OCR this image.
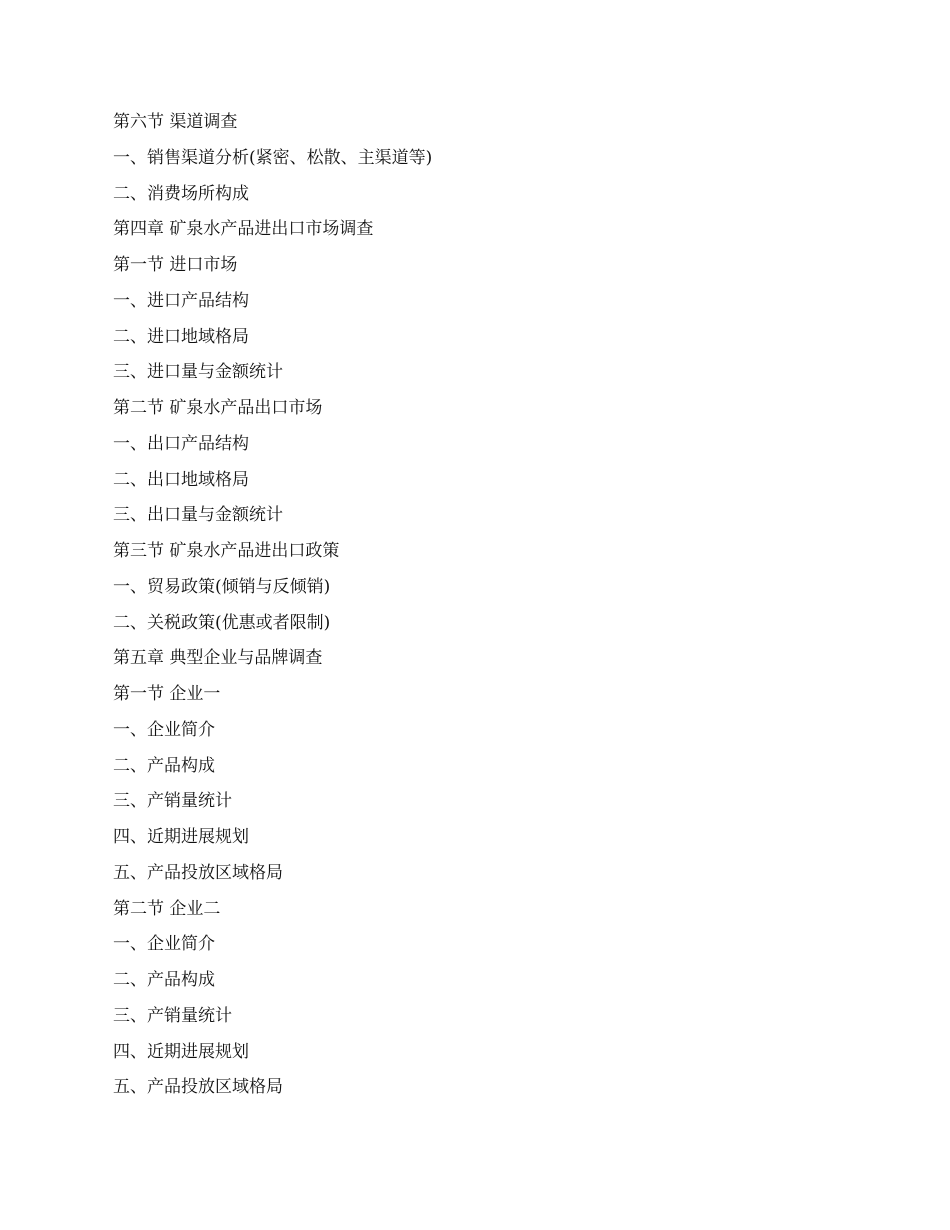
第六节 渠道调查
一、销售渠道分析(紧密、松散、主渠道等)
二、消费场所构成
第四章 矿泉水产品进出口市场调查
第一节 进口市场
一、进口产品结构
二、进口地域格局
三、进口量与金额统计
第二节 矿泉水产品出口市场
一、出口产品结构
二、出口地域格局
三、出口量与金额统计
第三节 矿泉水产品进出口政策
一、贸易政策(倾销与反倾销)
二、关税政策(优惠或者限制)
第五章 典型企业与品牌调查
第一节 企业一
一、企业简介
二、产品构成
三、产销量统计
四、近期进展规划
五、产品投放区域格局
第二节 企业二
一、企业简介
二、产品构成
三、产销量统计
四、近期进展规划
五、产品投放区域格局
